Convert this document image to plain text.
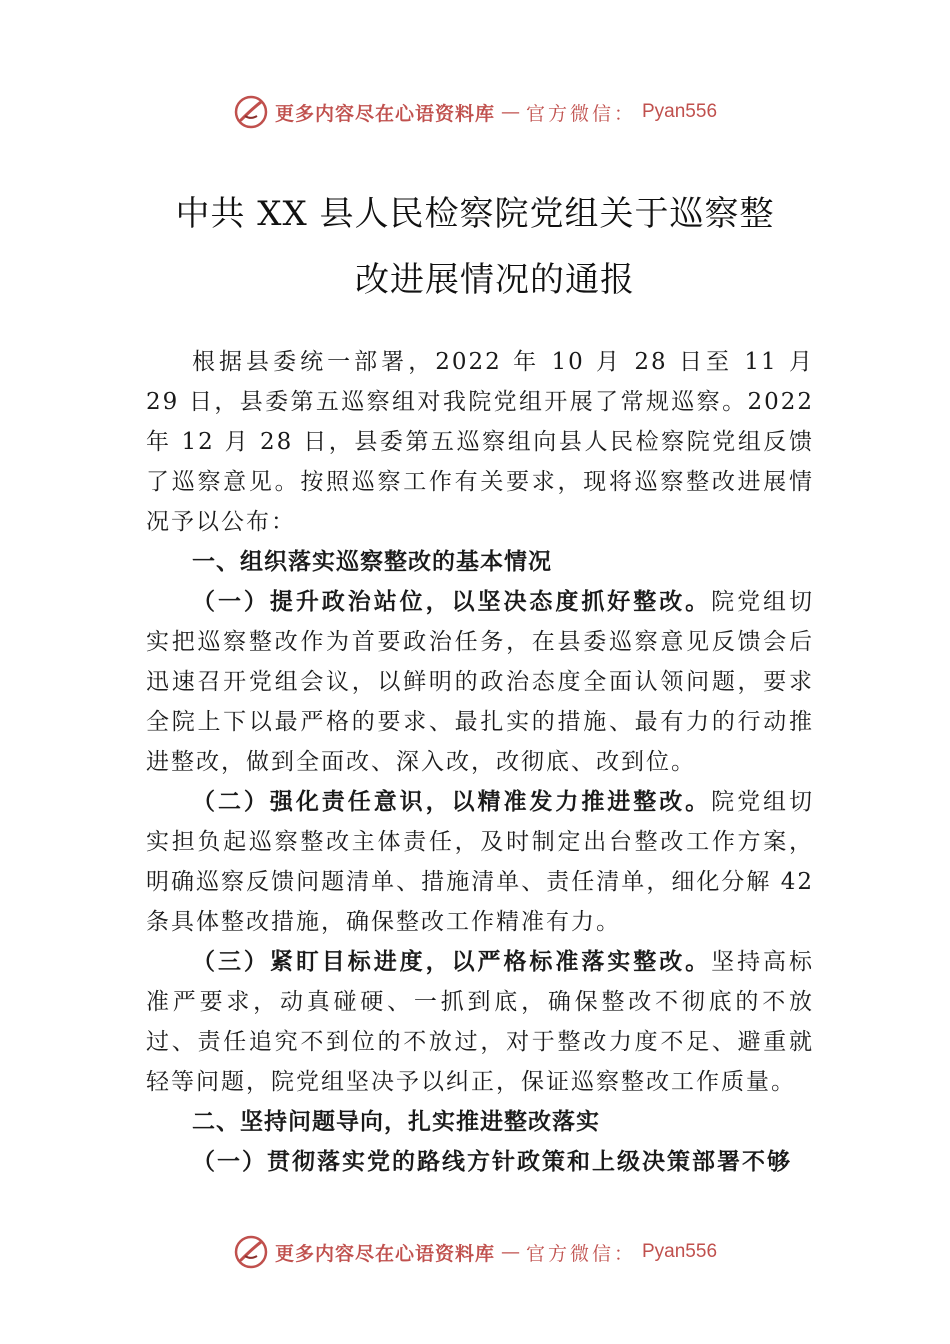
更多内容尽在心语资料库 — 官方微信： Pyan556
中共 XX 县人民检察院党组关于巡察整
改进展情况的通报

根据县委统一部署，2022 年 10 月 28 日至 11 月 29 日，县委第五巡察组对我院党组开展了常规巡察。2022 年 12 月 28 日，县委第五巡察组向县人民检察院党组反馈了巡察意见。按照巡察工作有关要求，现将巡察整改进展情况予以公布：

一、组织落实巡察整改的基本情况

（一）提升政治站位，以坚决态度抓好整改。院党组切实把巡察整改作为首要政治任务，在县委巡察意见反馈会后迅速召开党组会议，以鲜明的政治态度全面认领问题，要求全院上下以最严格的要求、最扎实的措施、最有力的行动推进整改，做到全面改、深入改，改彻底、改到位。

（二）强化责任意识，以精准发力推进整改。院党组切实担负起巡察整改主体责任，及时制定出台整改工作方案， 明确巡察反馈问题清单、措施清单、责任清单，细化分解 42 条具体整改措施，确保整改工作精准有力。

（三）紧盯目标进度，以严格标准落实整改。坚持高标准严要求，动真碰硬、一抓到底，确保整改不彻底的不放过、责任追究不到位的不放过，对于整改力度不足、避重就轻等问题，院党组坚决予以纠正，保证巡察整改工作质量。

二、坚持问题导向，扎实推进整改落实

（一）贯彻落实党的路线方针政策和上级决策部署不够

更多内容尽在心语资料库 — 官方微信： Pyan556
